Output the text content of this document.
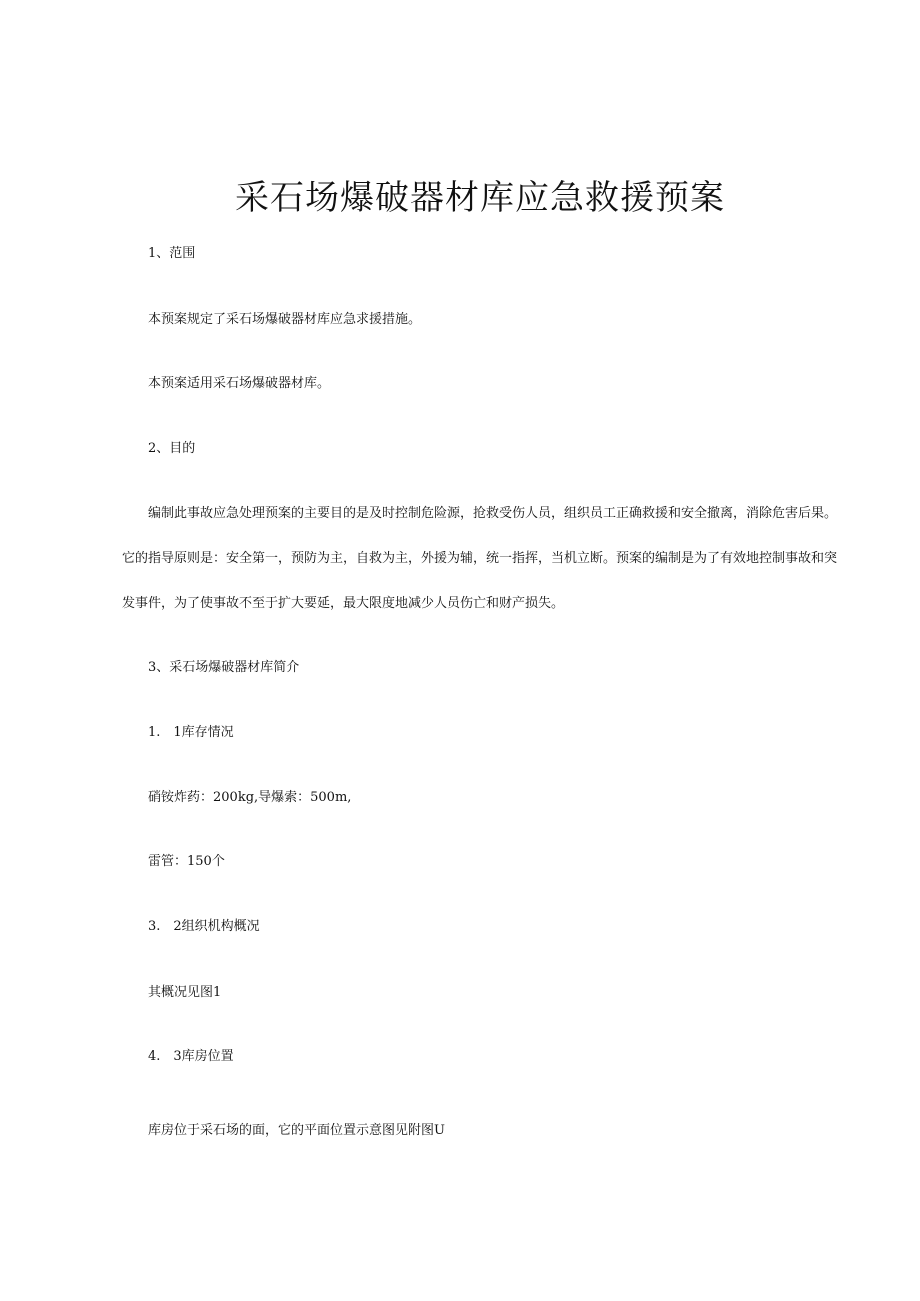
采石场爆破器材库应急救援预案
1、范围
本预案规定了采石场爆破器材库应急求援措施。
本预案适用采石场爆破器材库。
2、目的
编制此事故应急处理预案的主要目的是及时控制危险源，抢救受伤人员，组织员工正确救援和安全撤离，消除危害后果。
它的指导原则是：安全第一，预防为主，自救为主，外援为辅，统一指挥，当机立断。预案的编制是为了有效地控制事故和突
发事件，为了使事故不至于扩大要延，最大限度地减少人员伤亡和财产损失。
3、采石场爆破器材库简介
1.　1库存情况
硝铵炸药：200kg,导爆索：500m,
雷管：150个
3.　2组织机构概况
其概况见图1
4.　3库房位置
库房位于采石场的面，它的平面位置示意图见附图U
